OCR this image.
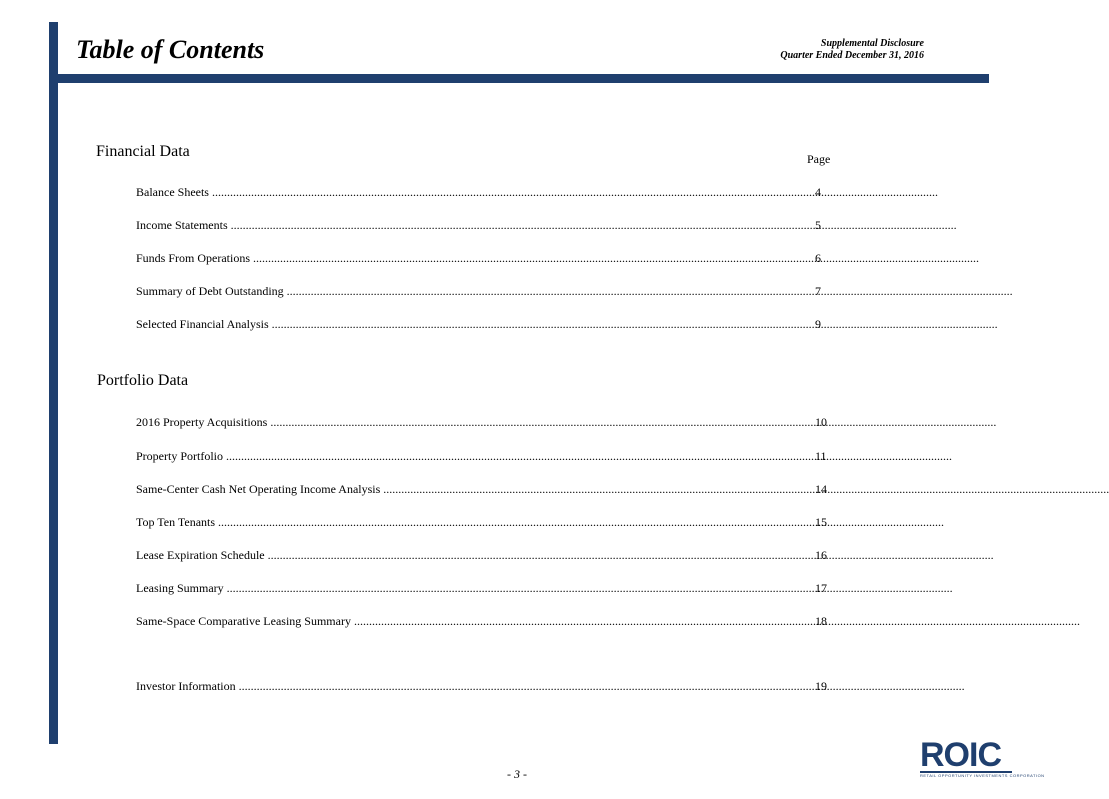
Table of Contents	Supplemental Disclosure
Quarter Ended December 31, 2016
Financial Data	Page
Balance Sheets .....	4
Income Statements .....	5
Funds From Operations .....	6
Summary of Debt Outstanding .....	7
Selected Financial Analysis .....	9
Portfolio Data
2016 Property Acquisitions .....	10
Property Portfolio .....	11
Same-Center Cash Net Operating Income Analysis .....	14
Top Ten Tenants .....	15
Lease Expiration Schedule .....	16
Leasing Summary .....	17
Same-Space Comparative Leasing Summary .....	18
Investor Information .....	19
- 3 -	ROIC
RETAIL OPPORTUNITY INVESTMENTS CORPORATION
